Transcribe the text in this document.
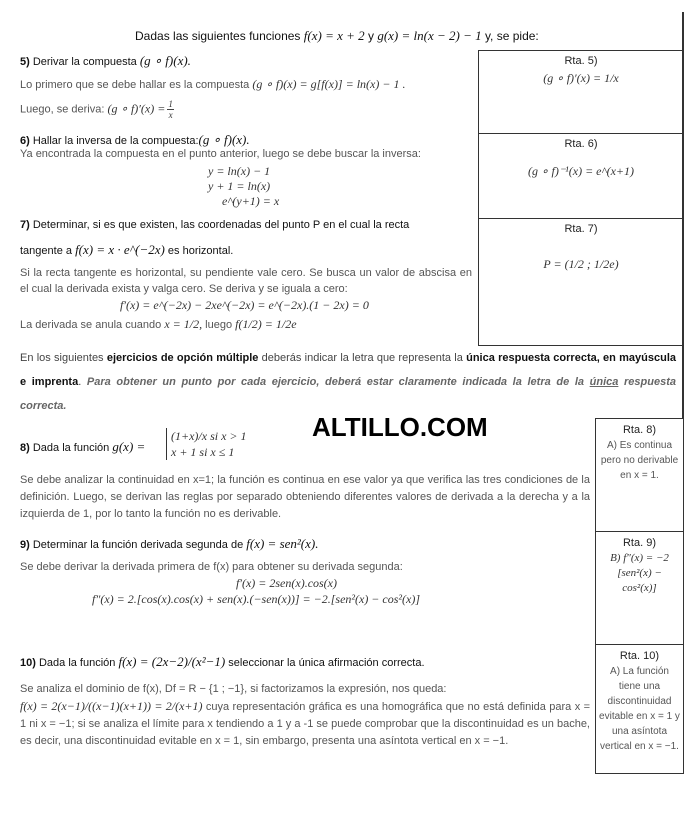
Dadas las siguientes funciones f(x) = x + 2 y g(x) = ln(x − 2) − 1 y, se pide:
5) Derivar la compuesta (g ∘ f)(x).
Lo primero que se debe hallar es la compuesta (g ∘ f)(x) = g[f(x)] = ln(x) − 1 .
Luego, se deriva: (g ∘ $f)'(x) = \frac{1}{x}$
6) Hallar la inversa de la compuesta:(g ∘ f)(x).
Ya encontrada la compuesta en el punto anterior, luego se debe buscar la inversa:
y = ln(x) − 1
y + 1 = ln(x)
e^(y+1) = x
7) Determinar, si es que existen, las coordenadas del punto P en el cual la recta
tangente a f(x) = x · e^(−2x) es horizontal.
Si la recta tangente es horizontal, su pendiente vale cero. Se busca un valor de abscisa en el cual la derivada exista y valga cero. Se deriva y se iguala a cero:
f′(x) = e^(−2x) − 2xe^(−2x) = e^(−2x).(1 − 2x) = 0
La derivada se anula cuando x = 1/2, luego f(1/2) = 1/2e
Rta. 5)
(g ∘ f)′(x) = 1/x
Rta. 6)
(g ∘ f)⁻¹(x) = e^(x+1)
Rta. 7)
P = (1/2 ; 1/2e)
En los siguientes ejercicios de opción múltiple deberás indicar la letra que representa la única respuesta correcta, en mayúscula e imprenta. Para obtener un punto por cada ejercicio, deberá estar claramente indicada la letra de la única respuesta correcta.
ALTILLO.COM
8) Dada la función g(x) =
(1+x)/x si x > 1
x + 1 si x ≤ 1
Se debe analizar la continuidad en x=1; la función es continua en ese valor ya que verifica las tres condiciones de la definición. Luego, se derivan las reglas por separado obteniendo diferentes valores de derivada a la derecha y a la izquierda de 1, por lo tanto la función no es derivable.
9) Determinar la función derivada segunda de f(x) = sen²(x).
Se debe derivar la derivada primera de f(x) para obtener su derivada segunda:
f′(x) = 2sen(x).cos(x)
f″(x) = 2.[cos(x).cos(x) + sen(x).(−sen(x))] = −2.[sen²(x) − cos²(x)]
10) Dada la función f(x) = (2x−2)/(x²−1) seleccionar la única afirmación correcta.
Se analiza el dominio de f(x), Df = R − {1 ; −1}, si factorizamos la expresión, nos queda:
f(x) = 2(x−1)/((x−1)(x+1)) = 2/(x+1) cuya representación gráfica es una homográfica que no está definida para x = 1 ni x = −1; si se analiza el límite para x tendiendo a 1 y a -1 se puede comprobar que la discontinuidad es un bache, es decir, una discontinuidad evitable en x = 1, sin embargo, presenta una asíntota vertical en x = −1.
Rta. 8)
A) Es continua pero no derivable en x = 1.
Rta. 9)
B) f″(x) = −2 [sen²(x) − cos²(x)]
Rta. 10)
A) La función tiene una discontinuidad evitable en x = 1 y una asíntota vertical en x = −1.
